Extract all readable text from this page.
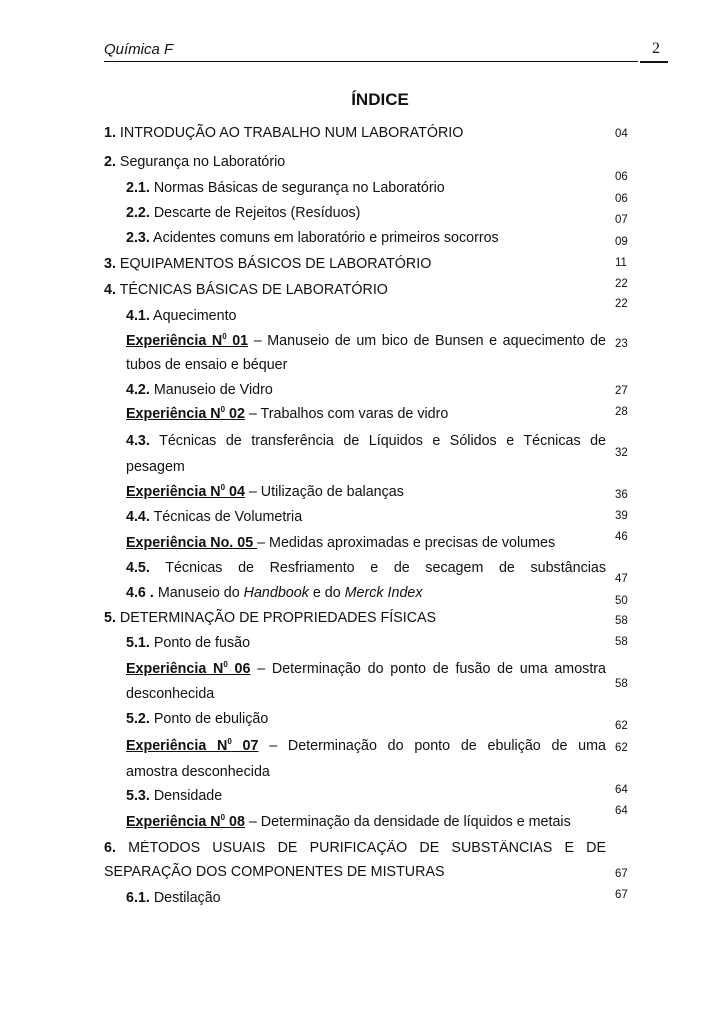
Química F	2
ÍNDICE
1. INTRODUÇÃO AO TRABALHO NUM LABORATÓRIO
2. Segurança no Laboratório
2.1. Normas Básicas de segurança no Laboratório
2.2. Descarte de Rejeitos (Resíduos)
2.3. Acidentes comuns em laboratório e primeiros socorros
3. EQUIPAMENTOS BÁSICOS DE LABORATÓRIO
4. TÉCNICAS BÁSICAS DE LABORATÓRIO
4.1. Aquecimento
Experiência $N^0$ 01 – Manuseio de um bico de Bunsen e aquecimento de
tubos de ensaio e béquer
4.2. Manuseio de Vidro
Experiência $N^0$ 02 – Trabalhos com varas de vidro
4.3. Técnicas de transferência de Líquidos e Sólidos e Técnicas de
pesagem
Experiência $N^0$ 04 – Utilização de balanças
4.4. Técnicas de Volumetria
Experiência No. 05 – Medidas aproximadas e precisas de volumes
4.5. Técnicas de Resfriamento e de secagem de substâncias
4.6 . Manuseio do Handbook e do Merck Index
5. DETERMINAÇÃO DE PROPRIEDADES FÍSICAS
5.1. Ponto de fusão
Experiência $N^0$ 06 – Determinação do ponto de fusão de uma amostra
desconhecida
5.2. Ponto de ebulição
Experiência $N^0$ 07 – Determinação do ponto de ebulição de uma
amostra desconhecida
5.3. Densidade
Experiência $N^0$ 08 – Determinação da densidade de líquidos e metais
6. MÉTODOS USUAIS DE PURIFICAÇÃO DE SUBSTÂNCIAS E DE
SEPARAÇÃO DOS COMPONENTES DE MISTURAS
6.1. Destilação
04
06
06
07
09
11
22
22
23
27
28
32
36
39
46
47
50
58
58
58
62
62
64
64
67
67
